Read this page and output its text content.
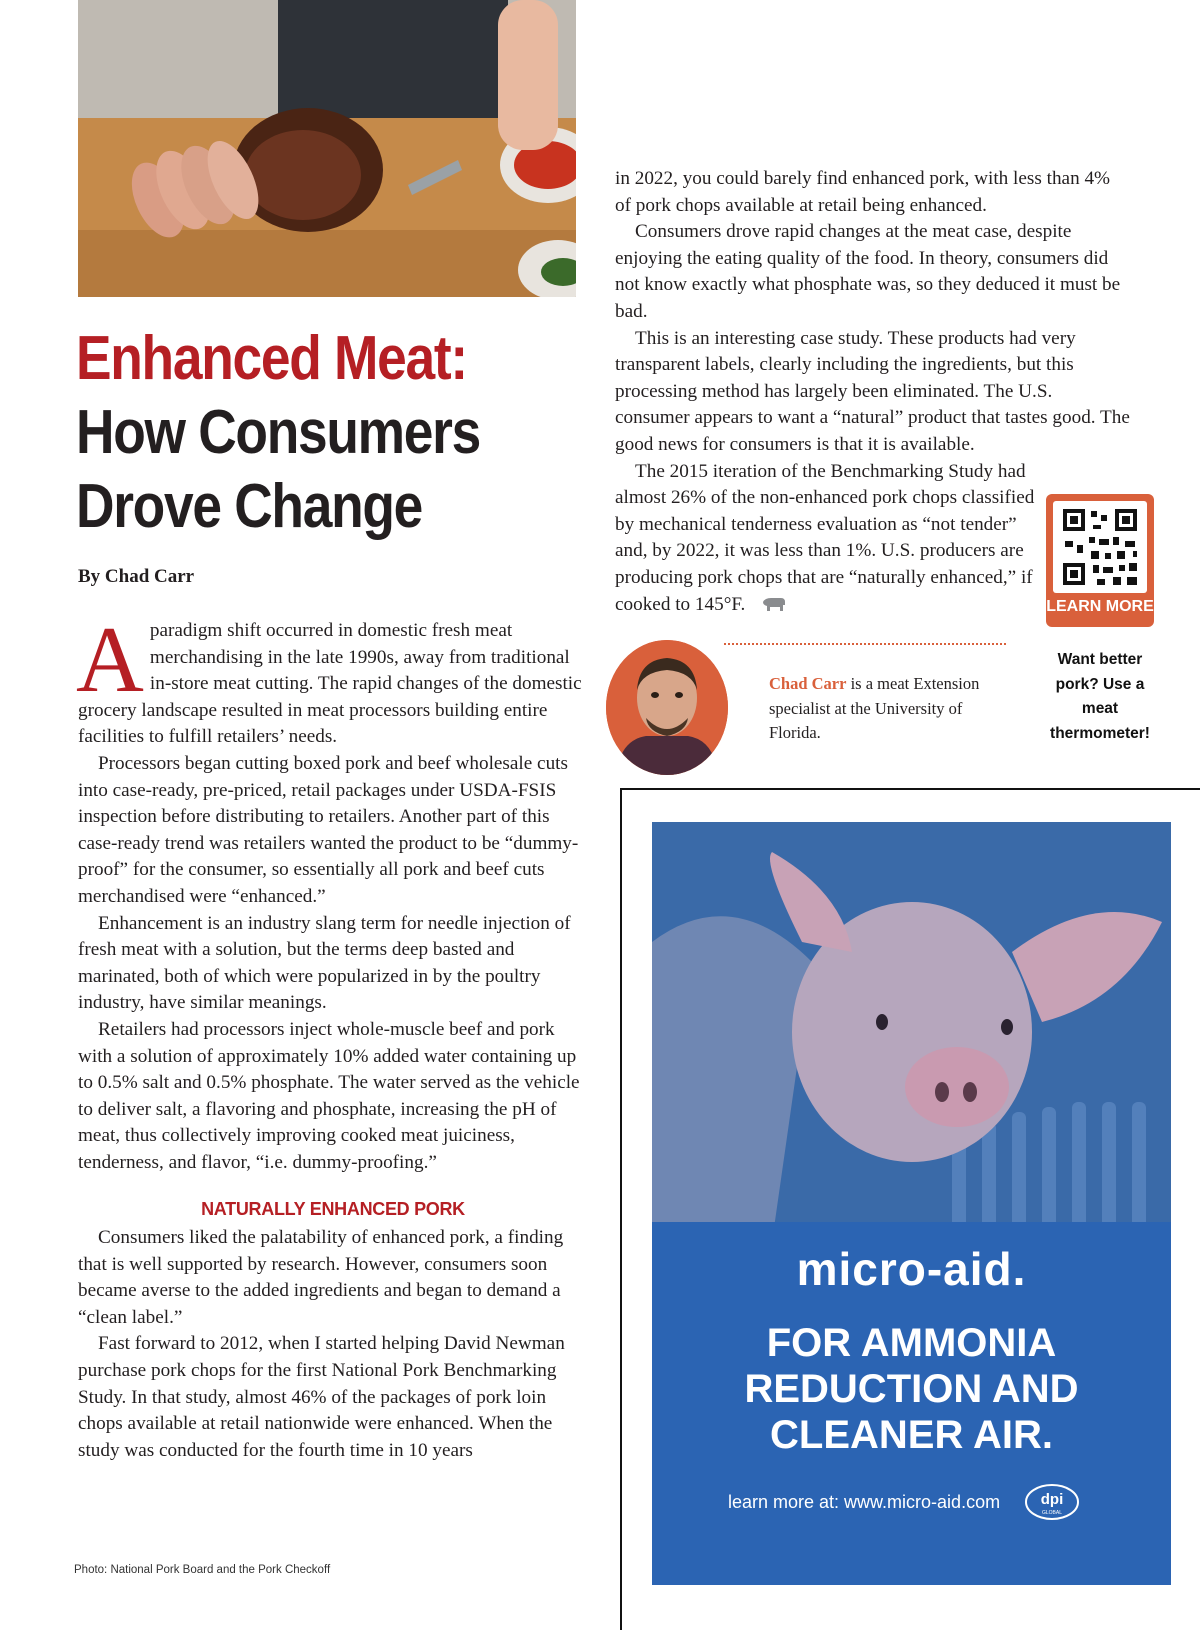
Enhanced Meat:
How Consumers
Drove Change
By Chad Carr

Aparadigm shift occurred in domestic fresh meat merchandising in the late 1990s, away from traditional in-store meat cutting. The rapid changes of the domestic grocery landscape resulted in meat processors building entire facilities to fulfill retailers’ needs.

Processors began cutting boxed pork and beef wholesale cuts into case-ready, pre-priced, retail packages under USDA-FSIS inspection before distributing to retailers. Another part of this case-ready trend was retailers wanted the product to be “dummy-proof” for the consumer, so essentially all pork and beef cuts merchandised were “enhanced.”

Enhancement is an industry slang term for needle injection of fresh meat with a solution, but the terms deep basted and marinated, both of which were popularized in by the poultry industry, have similar meanings.

Retailers had processors inject whole-muscle beef and pork with a solution of approximately 10% added water containing up to 0.5% salt and 0.5% phosphate. The water served as the vehicle to deliver salt, a flavoring and phosphate, increasing the pH of meat, thus collectively improving cooked meat juiciness, tenderness, and flavor, “i.e. dummy-proofing.”

NATURALLY ENHANCED PORK

Consumers liked the palatability of enhanced pork, a finding that is well supported by research. However, consumers soon became averse to the added ingredients and began to demand a “clean label.”

Fast forward to 2012, when I started helping David Newman purchase pork chops for the first National Pork Benchmarking Study. In that study, almost 46% of the packages of pork loin chops available at retail nationwide were enhanced. When the study was conducted for the fourth time in 10 years

in 2022, you could barely find enhanced pork, with less than 4% of pork chops available at retail being enhanced.

Consumers drove rapid changes at the meat case, despite enjoying the eating quality of the food. In theory, consumers did not know exactly what phosphate was, so they deduced it must be bad.

This is an interesting case study. These products had very transparent labels, clearly including the ingredients, but this processing method has largely been eliminated. The U.S. consumer appears to want a “natural” product that tastes good. The good news for consumers is that it is available.

The 2015 iteration of the Benchmarking Study had almost 26% of the non-enhanced pork chops classified by mechanical tenderness evaluation as “not tender” and, by 2022, it was less than 1%. U.S. producers are producing pork chops that are “naturally enhanced,” if cooked to 145°F.	LEARN MORE
Chad Carr is a meat Extension specialist at the University of Florida.
Want better pork? Use a meat thermometer!
micro-aid.
FOR AMMONIA
REDUCTION AND
CLEANER AIR.
learn more at: www.micro-aid.com	dpi
GLOBAL
Photo: National Pork Board and the Pork Checkoff
